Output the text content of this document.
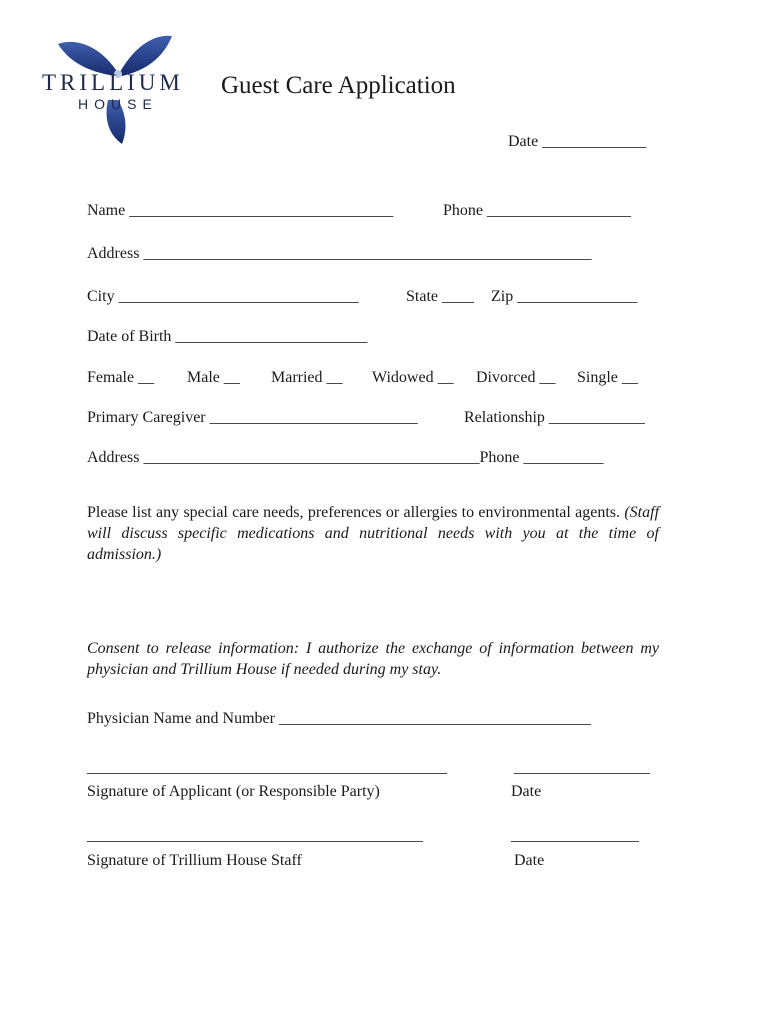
TRILLIUM
HOUSE
Guest Care Application
Date _____________
Name _________________________________	Phone __________________
Address ________________________________________________________
City ______________________________	State ____ Zip _______________
Date of Birth ________________________
Female __ Male __ Married __ Widowed __ Divorced __ Single __
Primary Caregiver __________________________	Relationship ____________
Address __________________________________________Phone __________
Please list any special care needs, preferences or allergies to environmental agents. (Staff will discuss specific medications and nutritional needs with you at the time of admission.)
Consent to release information: I authorize the exchange of information between my physician and Trillium House if needed during my stay.
Physician Name and Number _______________________________________
_____________________________________________	_________________
Signature of Applicant (or Responsible Party)	Date
__________________________________________	________________
Signature of Trillium House Staff	Date
